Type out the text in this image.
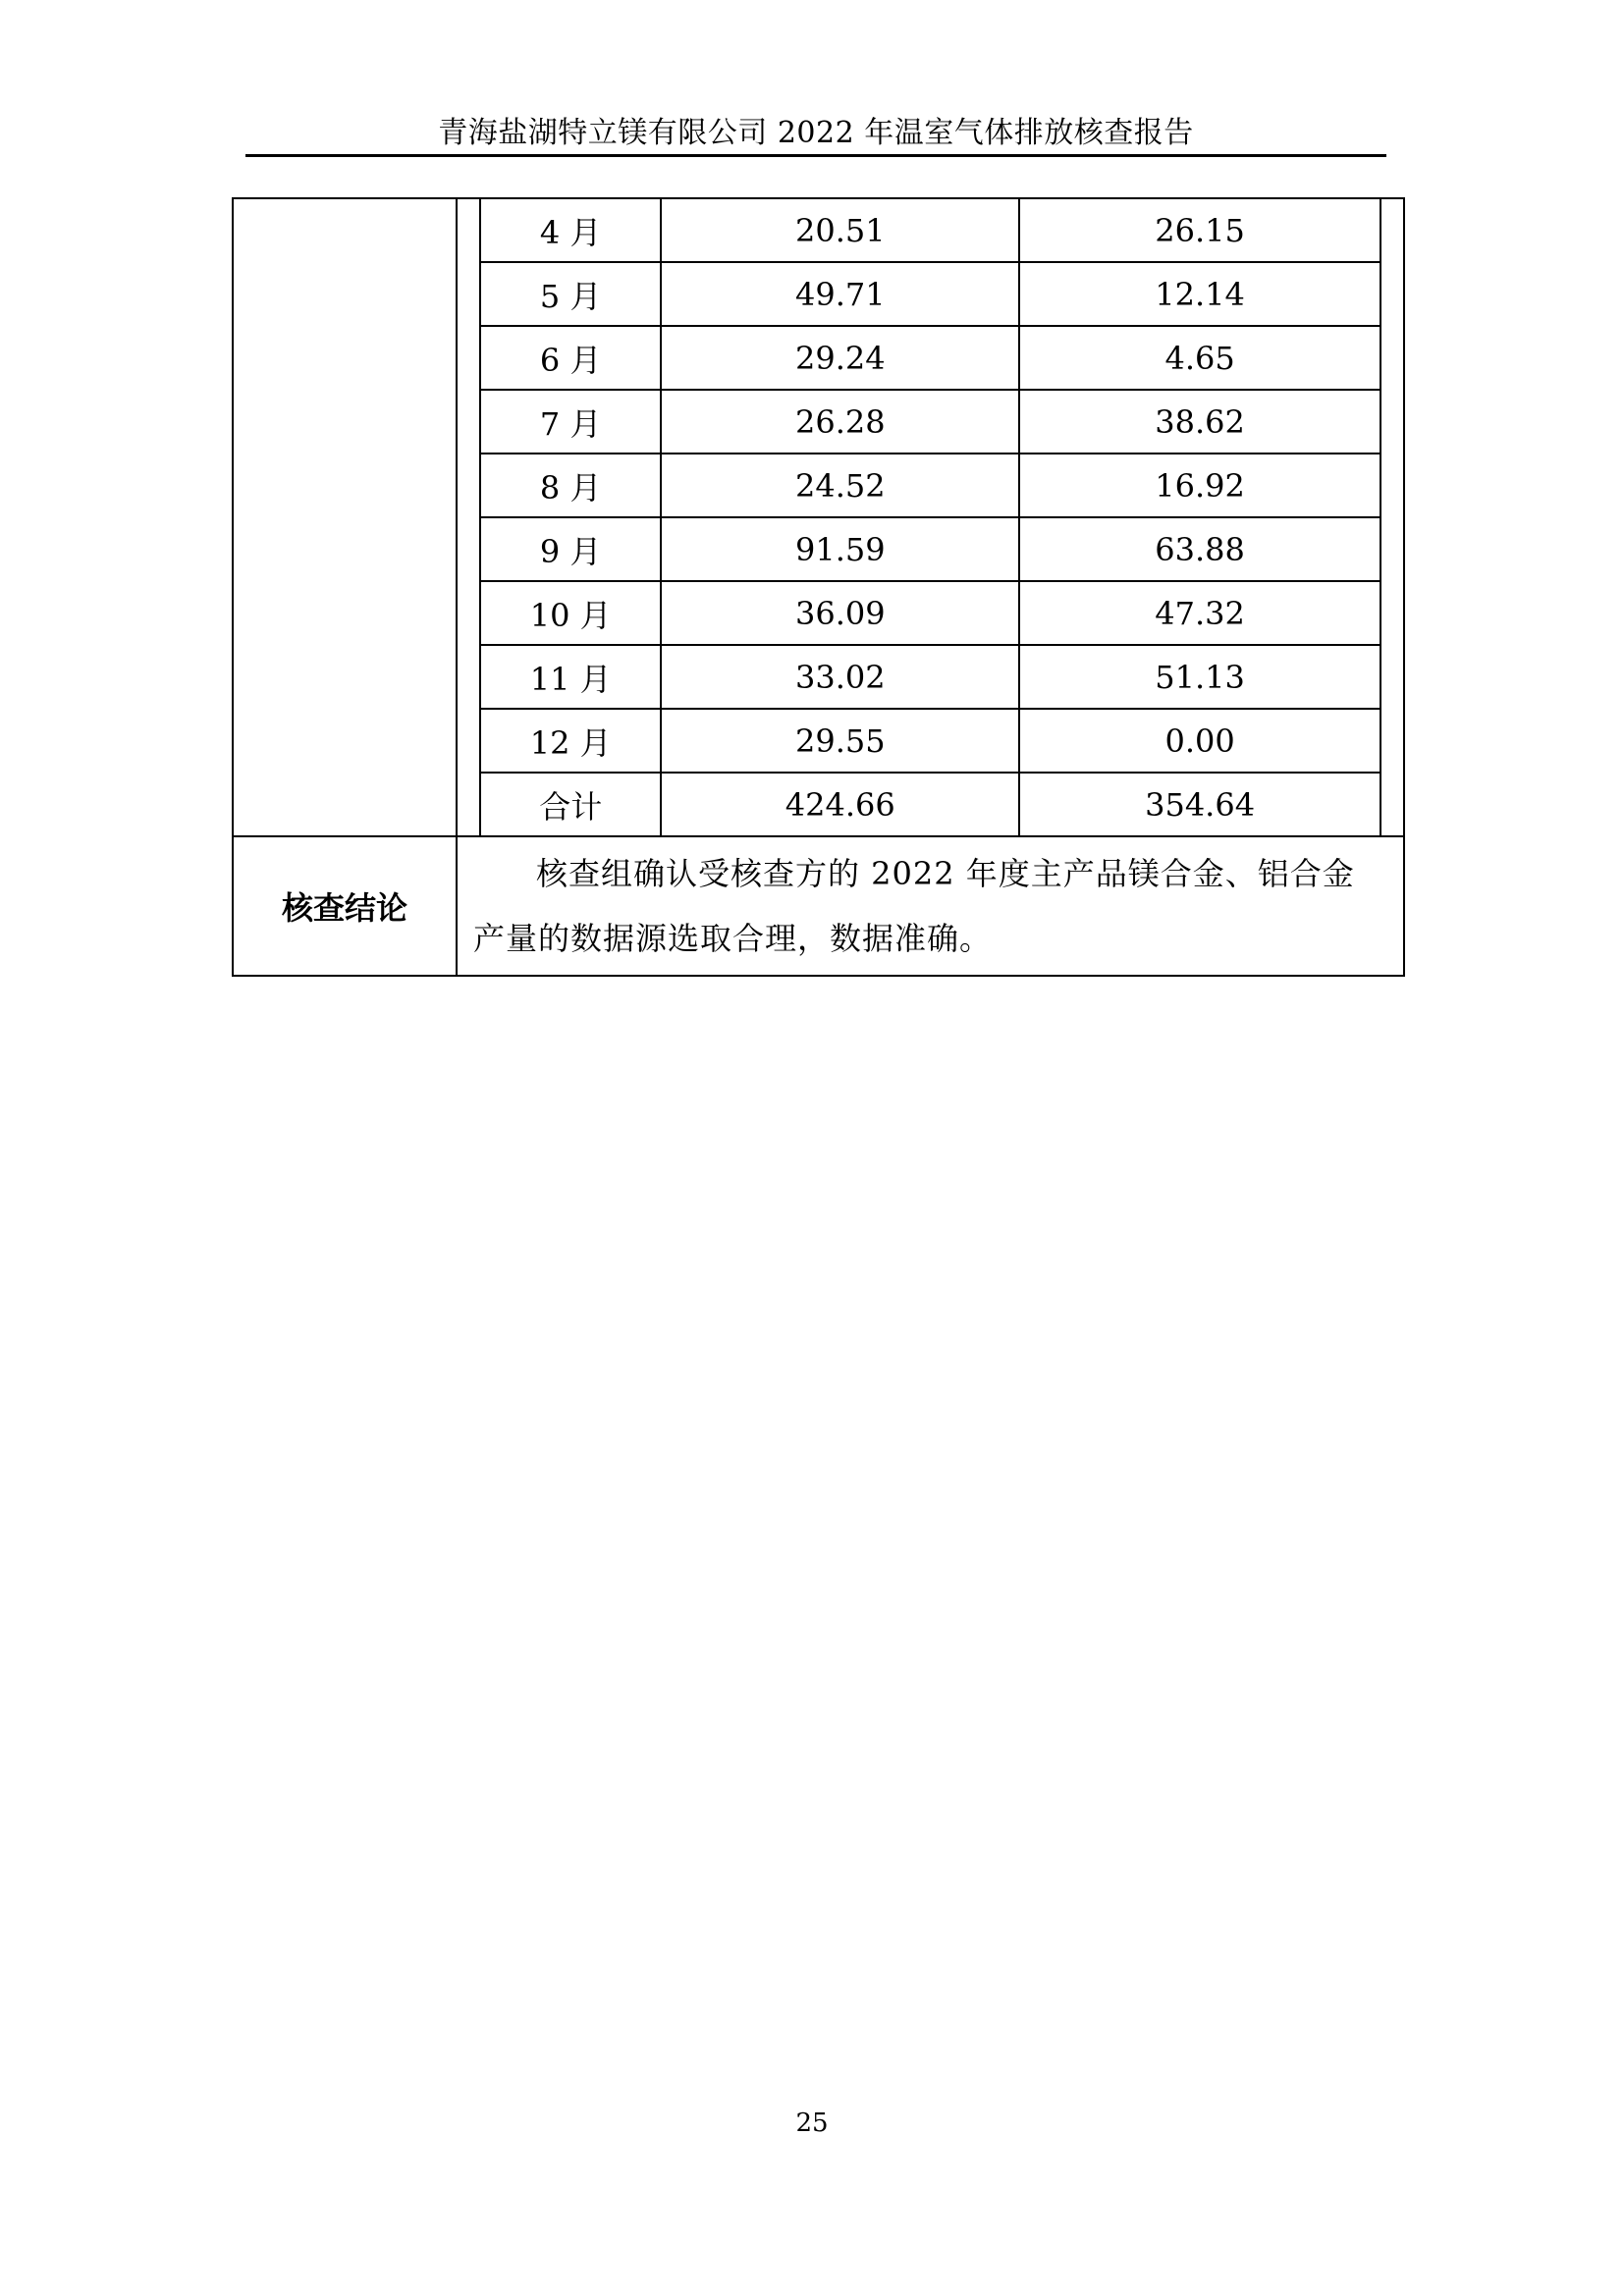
青海盐湖特立镁有限公司 2022 年温室气体排放核查报告

4 月	20.51	26.15
5 月	49.71	12.14
6 月	29.24	4.65
7 月	26.28	38.62
8 月	24.52	16.92
9 月	91.59	63.88
10 月	36.09	47.32
11 月	33.02	51.13
12 月	29.55	0.00
合计	424.66	354.64

核查结论	
核查组确认受核查方的 2022 年度主产品镁合金、铝合金产量的数据源选取合理，数据准确。
25
